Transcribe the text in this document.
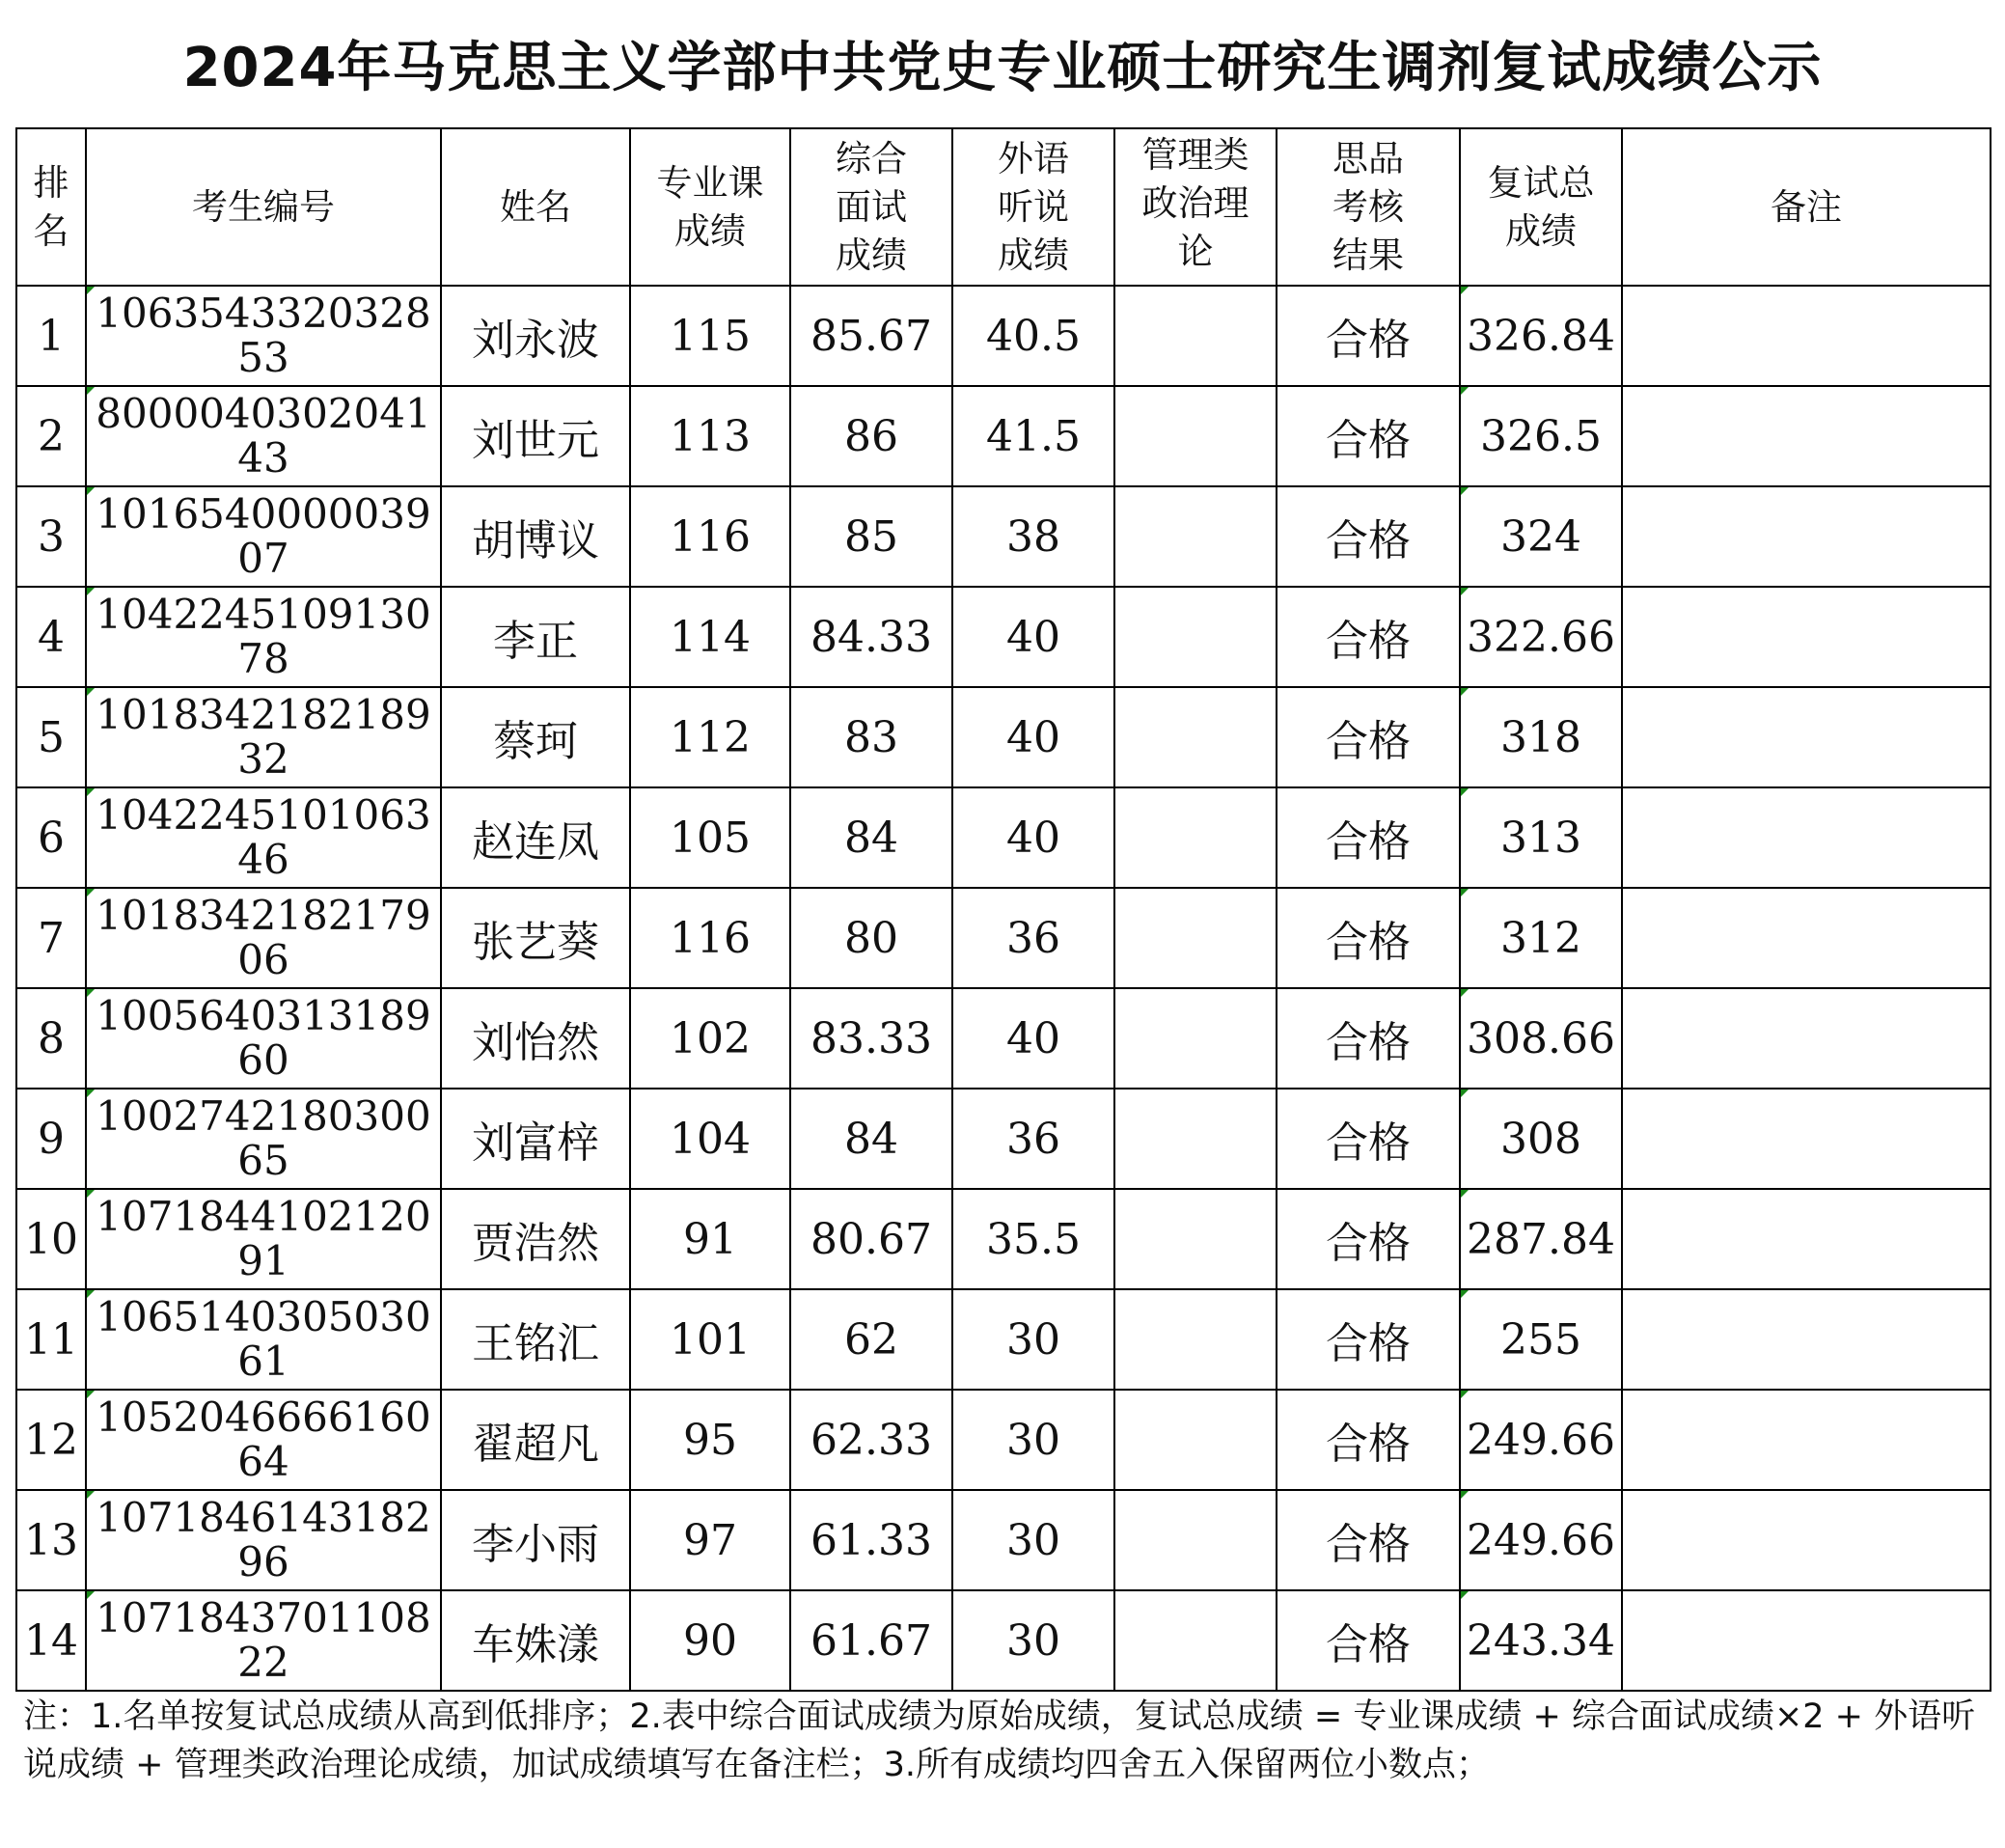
2024年马克思主义学部中共党史专业硕士研究生调剂复试成绩公示
排名	考生编号	姓名	专业课成绩	综合面试成绩	外语听说成绩	管理类政治理论	思品考核结果	复试总成绩	备注
1	106354332032853	刘永波	115	85.67	40.5		合格	326.84	
2	800004030204143	刘世元	113	86	41.5		合格	326.5	
3	101654000003907	胡博议	116	85	38		合格	324	
4	104224510913078	李正	114	84.33	40		合格	322.66	
5	101834218218932	蔡珂	112	83	40		合格	318	
6	104224510106346	赵连凤	105	84	40		合格	313	
7	101834218217906	张艺葵	116	80	36		合格	312	
8	100564031318960	刘怡然	102	83.33	40		合格	308.66	
9	100274218030065	刘富梓	104	84	36		合格	308	
10	107184410212091	贾浩然	91	80.67	35.5		合格	287.84	
11	106514030503061	王铭汇	101	62	30		合格	255	
12	105204666616064	翟超凡	95	62.33	30		合格	249.66	
13	107184614318296	李小雨	97	61.33	30		合格	249.66	
14	107184370110822	车姝漾	90	61.67	30		合格	243.34	
注：1.名单按复试总成绩从高到低排序；2.表中综合面试成绩为原始成绩，复试总成绩 = 专业课成绩 + 综合面试成绩×2 + 外语听说成绩 + 管理类政治理论成绩，加试成绩填写在备注栏；3.所有成绩均四舍五入保留两位小数点；
